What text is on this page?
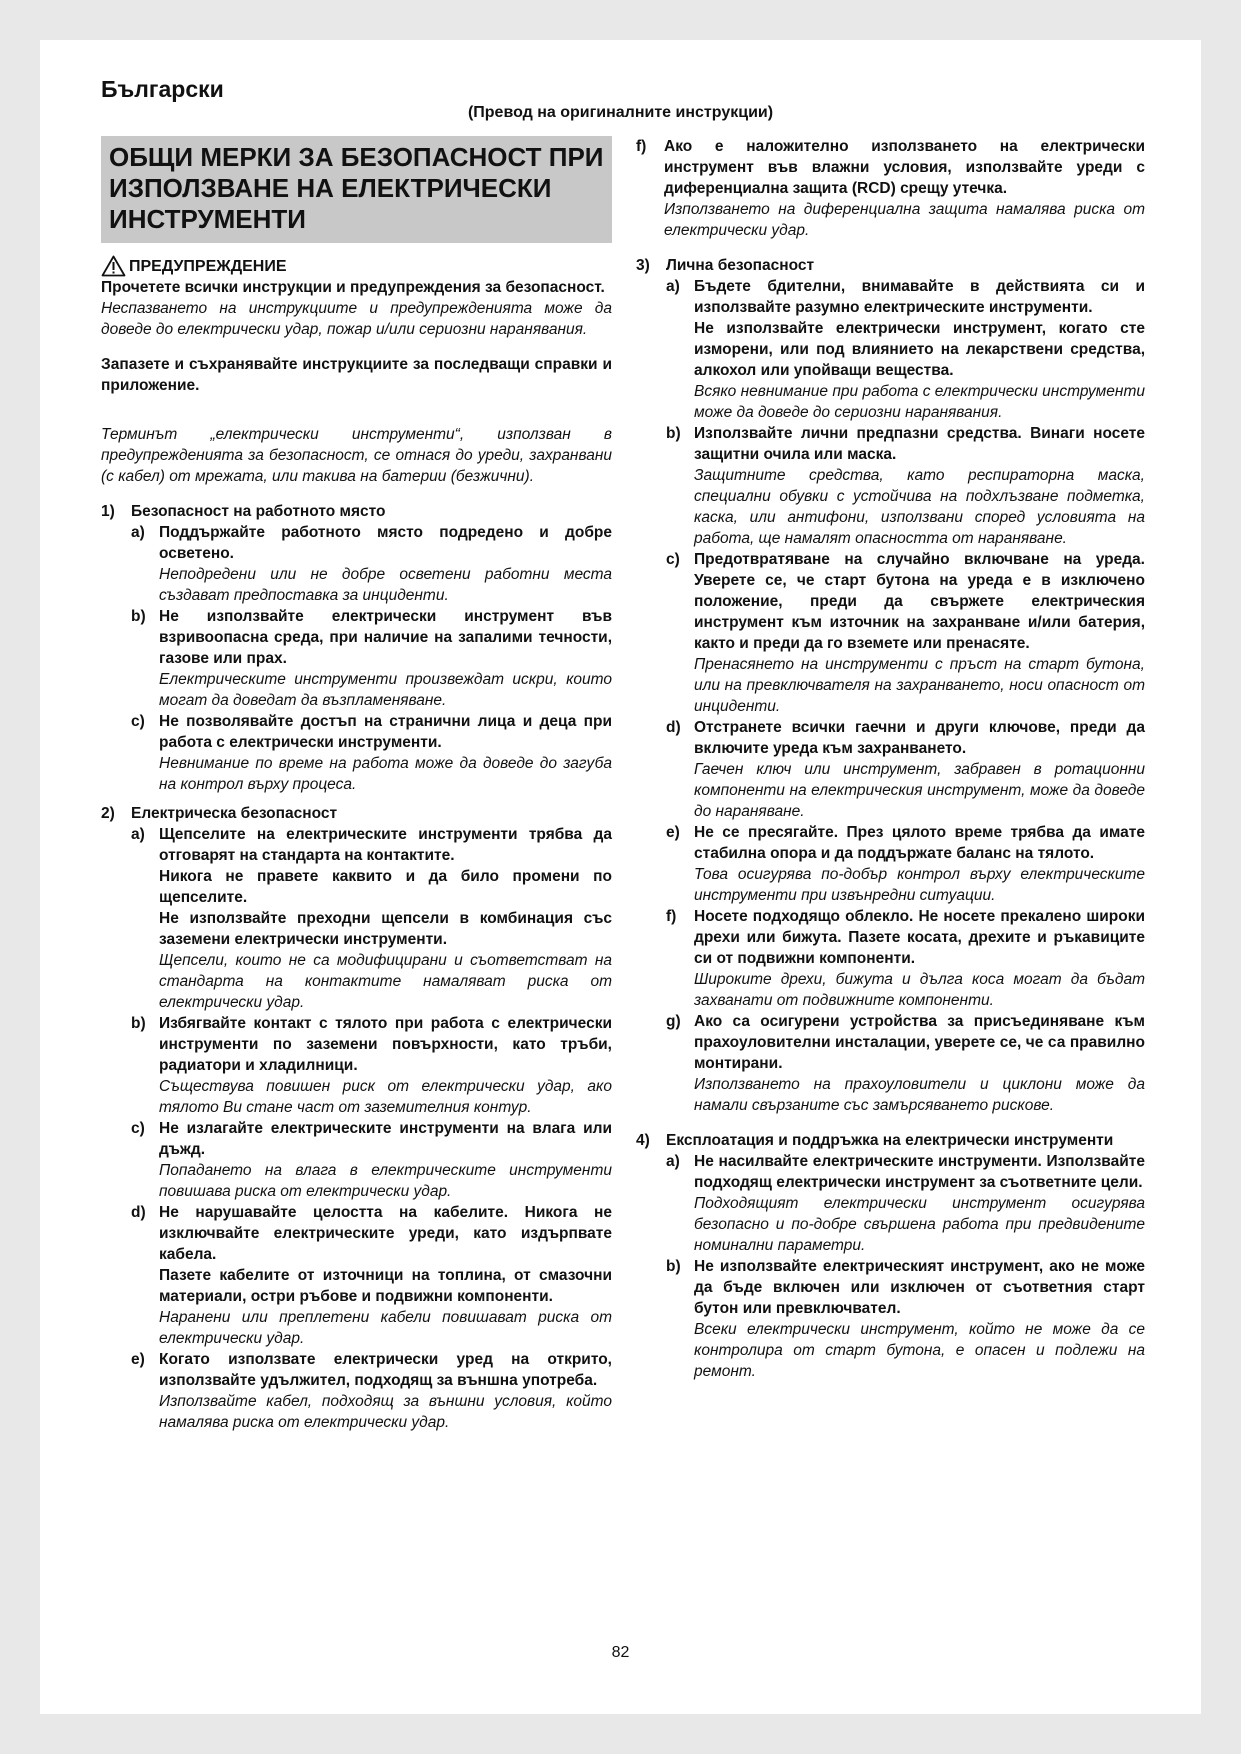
Български
(Превод на оригиналните инструкции)
ОБЩИ МЕРКИ ЗА БЕЗОПАСНОСТ ПРИ ИЗПОЛЗВАНЕ НА ЕЛЕКТРИЧЕСКИ ИНСТРУМЕНТИ
ПРЕДУПРЕЖДЕНИЕ

Прочетете всички инструкции и предупреждения за безопасност.

Неспазването на инструкциите и предупрежденията може да доведе до електрически удар, пожар и/или сериозни наранявания.

Запазете и съхранявайте инструкциите за последващи справки и приложение.

Терминът „електрически инструменти“, използван в предупрежденията за безопасност, се отнася до уреди, захранвани (с кабел) от мрежата, или такива на батерии (безжични).

1)	Безопасност на работното място
a) Поддържайте работното място подредено и добре осветено.

Неподредени или не добре осветени работни места създават предпоставка за инциденти.

b) Не използвайте електрически инструмент във взривоопасна среда, при наличие на запалими течности, газове или прах.

Електрическите инструменти произвеждат искри, които могат да доведат да възпламеняване.

c) Не позволявайте достъп на странични лица и деца при работа с електрически инструменти.

Невнимание по време на работа може да доведе до загуба на контрол върху процеса.

2)	Електрическа безопасност
a) Щепселите на електрическите инструменти трябва да отговарят на стандарта на контактите.

Никога не правете каквито и да било промени по щепселите.

Не използвайте преходни щепсели в комбинация със заземени електрически инструменти.

Щепсели, които не са модифицирани и съответстват на стандарта на контактите намаляват риска от електрически удар.

b) Избягвайте контакт с тялото при работа с електрически инструменти по заземени повърхности, като тръби, радиатори и хладилници.

Съществува повишен риск от електрически удар, ако тялото Ви стане част от заземителния контур.

c) Не излагайте електрическите инструменти на влага или дъжд.

Попадането на влага в електрическите инструменти повишава риска от електрически удар.

d) Не нарушавайте целостта на кабелите. Никога не изключвайте електрическите уреди, като издърпвате кабела.

Пазете кабелите от източници на топлина, от смазочни материали, остри ръбове и подвижни компоненти.

Наранени или преплетени кабели повишават риска от електрически удар.

e) Когато използвате електрически уред на открито, използвайте удължител, подходящ за външна употреба.

Използвайте кабел, подходящ за външни условия, който намалява риска от електрически удар.

f)	Ако е наложително използването на електрически инструмент във влажни условия, използвайте уреди с диференциална защита (RCD) срещу утечка.

Използването на диференциална защита намалява риска от електрически удар.

3)	Лична безопасност
a) Бъдете бдителни, внимавайте в действията си и използвайте разумно електрическите инструменти.

Не използвайте електрически инструмент, когато сте изморени, или под влиянието на лекарствени средства, алкохол или упойващи вещества.

Всяко невнимание при работа с електрически инструменти може да доведе до сериозни наранявания.

b) Използвайте лични предпазни средства. Винаги носете защитни очила или маска.

Защитните средства, като респираторна маска, специални обувки с устойчива на подхлъзване подметка, каска, или антифони, използвани според условията на работа, ще намалят опасността от нараняване.

c) Предотвратяване на случайно включване на уреда. Уверете се, че старт бутона на уреда е в изключено положение, преди да свържете електрическия инструмент към източник на захранване и/или батерия, както и преди да го вземете или пренасяте.

Пренасянето на инструменти с пръст на старт бутона, или на превключвателя на захранването, носи опасност от инциденти.

d) Отстранете всички гаечни и други ключове, преди да включите уреда към захранването.

Гаечен ключ или инструмент, забравен в ротационни компоненти на електрическия инструмент, може да доведе до нараняване.

e) Не се пресягайте. През цялото време трябва да имате стабилна опора и да поддържате баланс на тялото.

Това осигурява по-добър контрол върху електрическите инструменти при извънредни ситуации.

f)	Носете подходящо облекло. Не носете прекалено широки дрехи или бижута. Пазете косата, дрехите и ръкавиците си от подвижни компоненти.

Широките дрехи, бижута и дълга коса могат да бъдат захванати от подвижните компоненти.

g) Ако са осигурени устройства за присъединяване към прахоуловителни инсталации, уверете се, че са правилно монтирани.

Използването на прахоуловители и циклони може да намали свързаните със замърсяването рискове.

4)	Експлоатация и поддръжка на електрически инструменти
a) Не насилвайте електрическите инструменти. Използвайте подходящ електрически инструмент за съответните цели.

Подходящият електрически инструмент осигурява безопасно и по-добре свършена работа при предвидените номинални параметри.

b) Не използвайте електрическият инструмент, ако не може да бъде включен или изключен от съответния старт бутон или превключвател.

Всеки електрически инструмент, който не може да се контролира от старт бутона, е опасен и подлежи на ремонт.

82
